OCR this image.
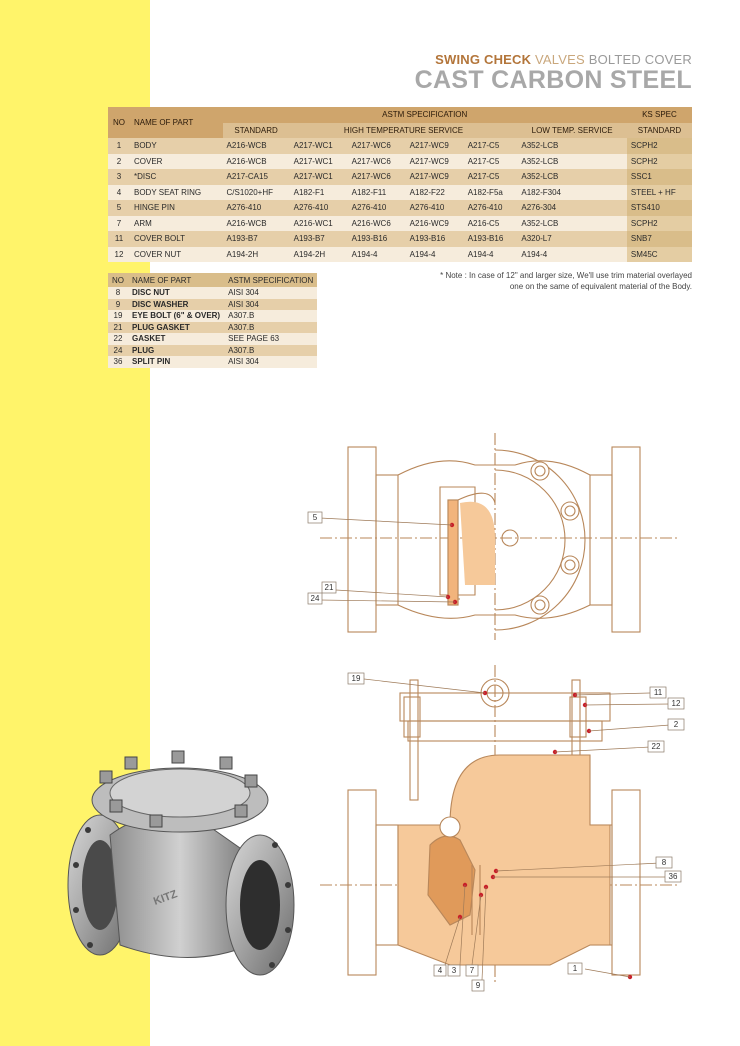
SWING CHECK VALVES BOLTED COVER
CAST CARBON STEEL
NO	NAME OF PART	ASTM SPECIFICATION						KS SPEC
		STANDARD	HIGH TEMPERATURE SERVICE				LOW TEMP. SERVICE	STANDARD
1	BODY	A216-WCB	A217-WC1	A217-WC6	A217-WC9	A217-C5	A352-LCB	SCPH2
2	COVER	A216-WCB	A217-WC1	A217-WC6	A217-WC9	A217-C5	A352-LCB	SCPH2
3	*DISC	A217-CA15	A217-WC1	A217-WC6	A217-WC9	A217-C5	A352-LCB	SSC1
4	BODY SEAT RING	C/S1020+HF	A182-F1	A182-F11	A182-F22	A182-F5a	A182-F304	STEEL + HF
5	HINGE PIN	A276-410	A276-410	A276-410	A276-410	A276-410	A276-304	STS410
7	ARM	A216-WCB	A216-WC1	A216-WC6	A216-WC9	A216-C5	A352-LCB	SCPH2
11	COVER BOLT	A193-B7	A193-B7	A193-B16	A193-B16	A193-B16	A320-L7	SNB7
12	COVER NUT	A194-2H	A194-2H	A194-4	A194-4	A194-4	A194-4	SM45C
NO	NAME OF PART	ASTM SPECIFICATION
8	DISC NUT	AISI 304
9	DISC WASHER	AISI 304
19	EYE BOLT (6" & OVER)	A307.B
21	PLUG GASKET	A307.B
22	GASKET	SEE PAGE 63
24	PLUG	A307.B
36	SPLIT PIN	AISI 304
* Note : In case of 12" and larger size, We'll use trim material overlayed
one on the same of equivalent material of the Body.
5
21
24
19
11
12
2
22
8
36
4 3 7
9
1
KITZ
